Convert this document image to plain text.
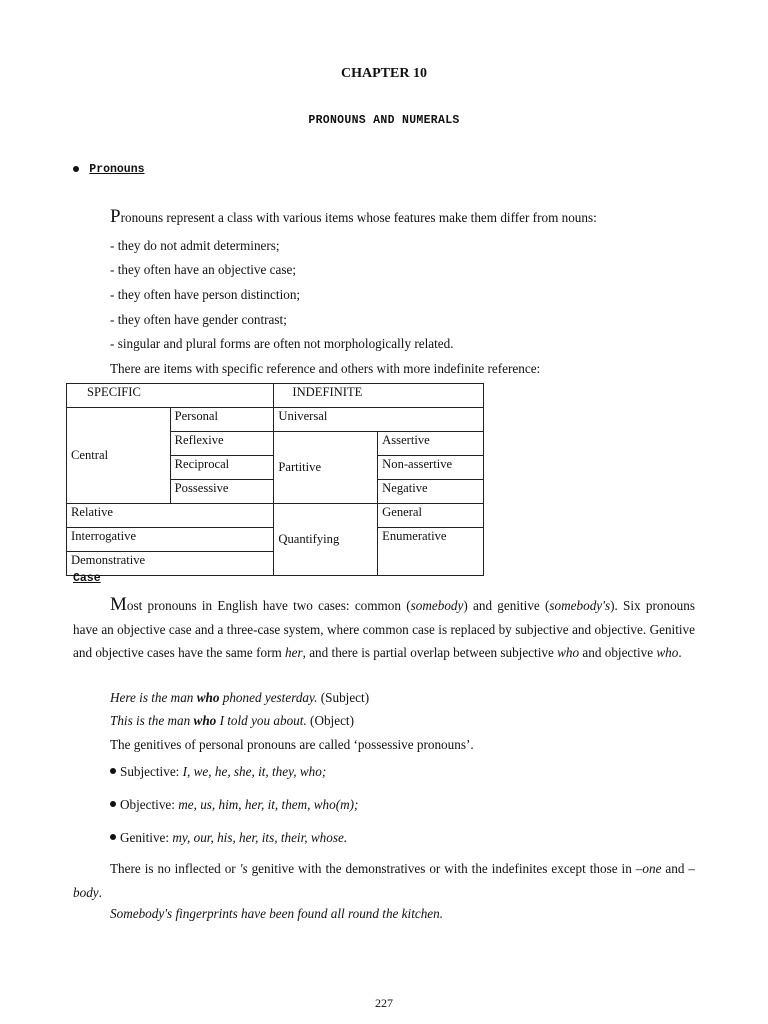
CHAPTER 10
PRONOUNS AND NUMERALS
Pronouns
Pronouns represent a class with various items whose features make them differ from nouns:
- they do not admit determiners;
- they often have an objective case;
- they often have person distinction;
- they often have gender contrast;
- singular and plural forms are often not morphologically related.
There are items with specific reference and others with more indefinite reference:
SPECIFIC		INDEFINITE	
Central	Personal	Universal	
	Reflexive	Partitive	Assertive
	Reciprocal		Non-assertive
	Possessive		Negative
Relative		Quantifying	General
Interrogative			Enumerative
Demonstrative			
Case
Most pronouns in English have two cases: common (somebody) and genitive (somebody's). Six pronouns have an objective case and a three-case system, where common case is replaced by subjective and objective. Genitive and objective cases have the same form her, and there is partial overlap between subjective who and objective who.
Here is the man who phoned yesterday. (Subject)
This is the man who I told you about. (Object)
The genitives of personal pronouns are called ‘possessive pronouns’.
Subjective: I, we, he, she, it, they, who;
Objective: me, us, him, her, it, them, who(m);
Genitive: my, our, his, her, its, their, whose.
There is no inflected or 's genitive with the demonstratives or with the indefinites except those in –one and –body.
Somebody's fingerprints have been found all round the kitchen.
227
